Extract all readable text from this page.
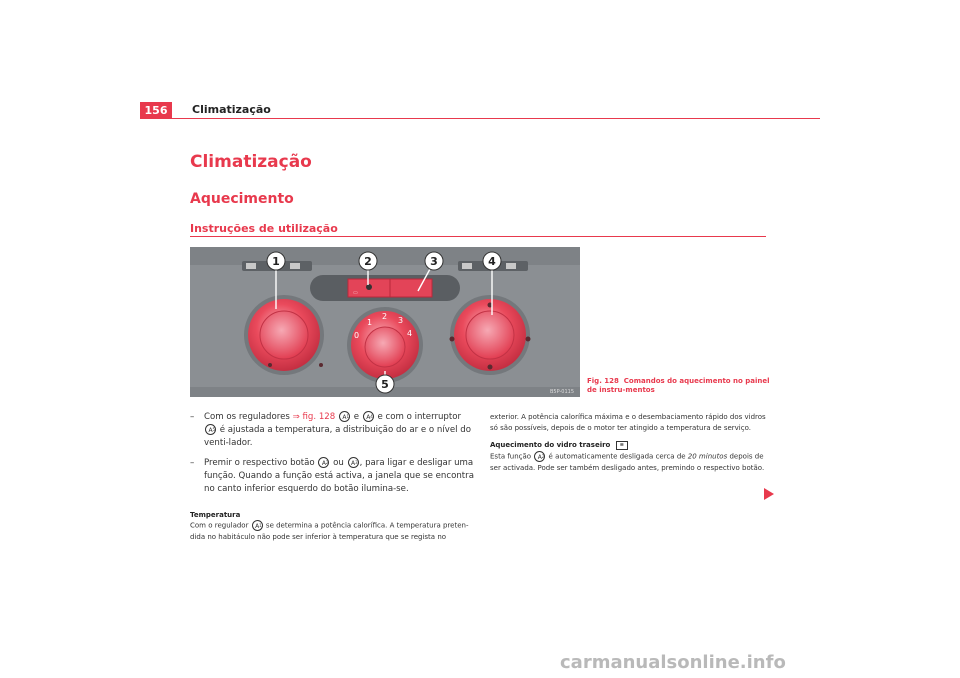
156 Climatização
Climatização
Aquecimento
Instruções de utilização
▭
0
1
2 3
4
1	2	3	4
5
B5P-0115
Fig. 128 Comandos do aquecimento no painel de instru-mentos
– Com os reguladores ⇒ fig. 128 A 1 e A 4 e com o interruptor A 5 é ajustada a temperatura, a distribuição do ar e o nível do venti-lador.
– Premir o respectivo botão A 2 ou A 3 , para ligar e desligar uma função. Quando a função está activa, a janela que se encontra no canto inferior esquerdo do botão ilumina-se.
Temperatura
Com o regulador A 1 se determina a potência calorífica. A temperatura preten-dida no habitáculo não pode ser inferior à temperatura que se regista no
exterior. A potência calorífica máxima e o desembaciamento rápido dos vidros só são possíveis, depois de o motor ter atingido a temperatura de serviço.
Aquecimento do vidro traseiro ≡
Esta função A 2 é automaticamente desligada cerca de 20 minutos depois de ser activada. Pode ser também desligado antes, premindo o respectivo botão.
carmanualsonline.info
